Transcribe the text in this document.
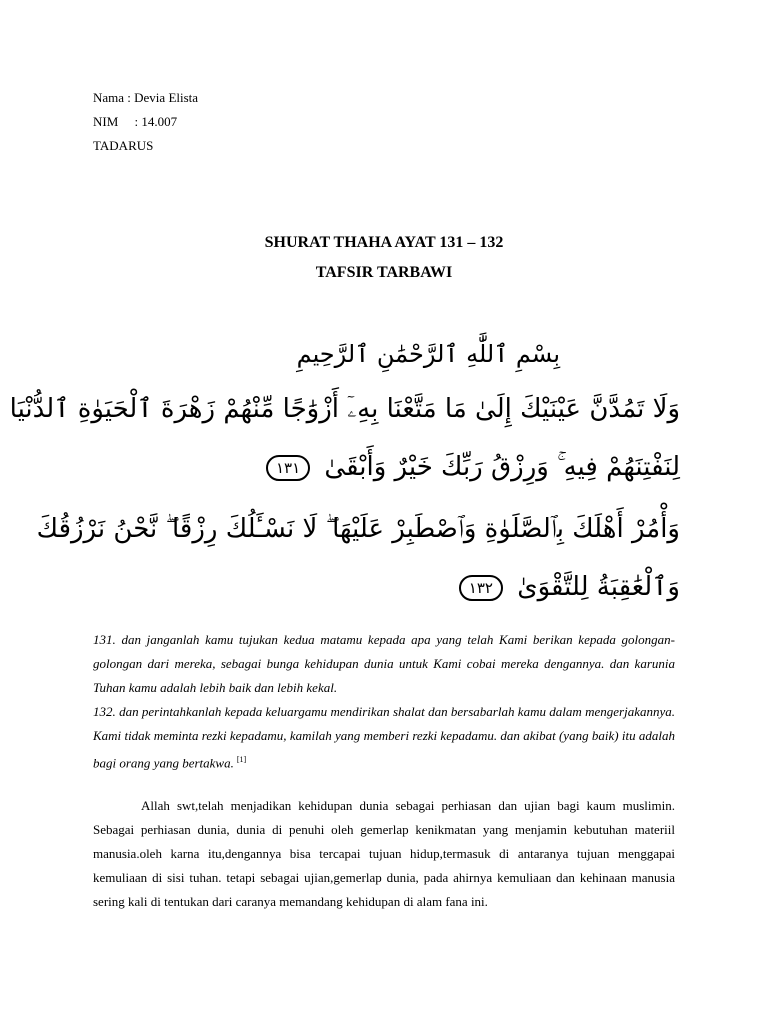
Nama : Devia Elista
NIM     : 14.007
TADARUS
SHURAT THAHA AYAT 131 – 132
TAFSIR TARBAWI
بِسْمِ ٱللَّٰهِ ٱلرَّحْمَٰنِ ٱلرَّحِيمِ
وَلَا تَمُدَّنَّ عَيْنَيْكَ إِلَىٰ مَا مَتَّعْنَا بِهِۦٓ أَزْوَٰجًا مِّنْهُمْ زَهْرَةَ ٱلْحَيَوٰةِ ٱلدُّنْيَا
لِنَفْتِنَهُمْ فِيهِ ۚ وَرِزْقُ رَبِّكَ خَيْرٌ وَأَبْقَىٰ ١٣١
وَأْمُرْ أَهْلَكَ بِٱلصَّلَوٰةِ وَٱصْطَبِرْ عَلَيْهَا ۖ لَا نَسْـَٔلُكَ رِزْقًا ۖ نَّحْنُ نَرْزُقُكَ
وَٱلْعَٰقِبَةُ لِلتَّقْوَىٰ ١٣٢

131. dan janganlah kamu tujukan kedua matamu kepada apa yang telah Kami berikan kepada golongan-golongan dari mereka, sebagai bunga kehidupan dunia untuk Kami cobai mereka dengannya. dan karunia Tuhan kamu adalah lebih baik dan lebih kekal.

132. dan perintahkanlah kepada keluargamu mendirikan shalat dan bersabarlah kamu dalam mengerjakannya. Kami tidak meminta rezki kepadamu, kamilah yang memberi rezki kepadamu. dan akibat (yang baik) itu adalah bagi orang yang bertakwa. [1]

Allah swt,telah menjadikan kehidupan dunia sebagai perhiasan dan ujian bagi kaum muslimin. Sebagai perhiasan dunia, dunia di penuhi oleh gemerlap kenikmatan yang menjamin kebutuhan materiil manusia.oleh karna itu,dengannya bisa tercapai tujuan hidup,termasuk di antaranya tujuan menggapai kemuliaan di sisi tuhan. tetapi sebagai ujian,gemerlap dunia, pada ahirnya kemuliaan dan kehinaan manusia sering kali di tentukan dari caranya memandang kehidupan di alam fana ini.
